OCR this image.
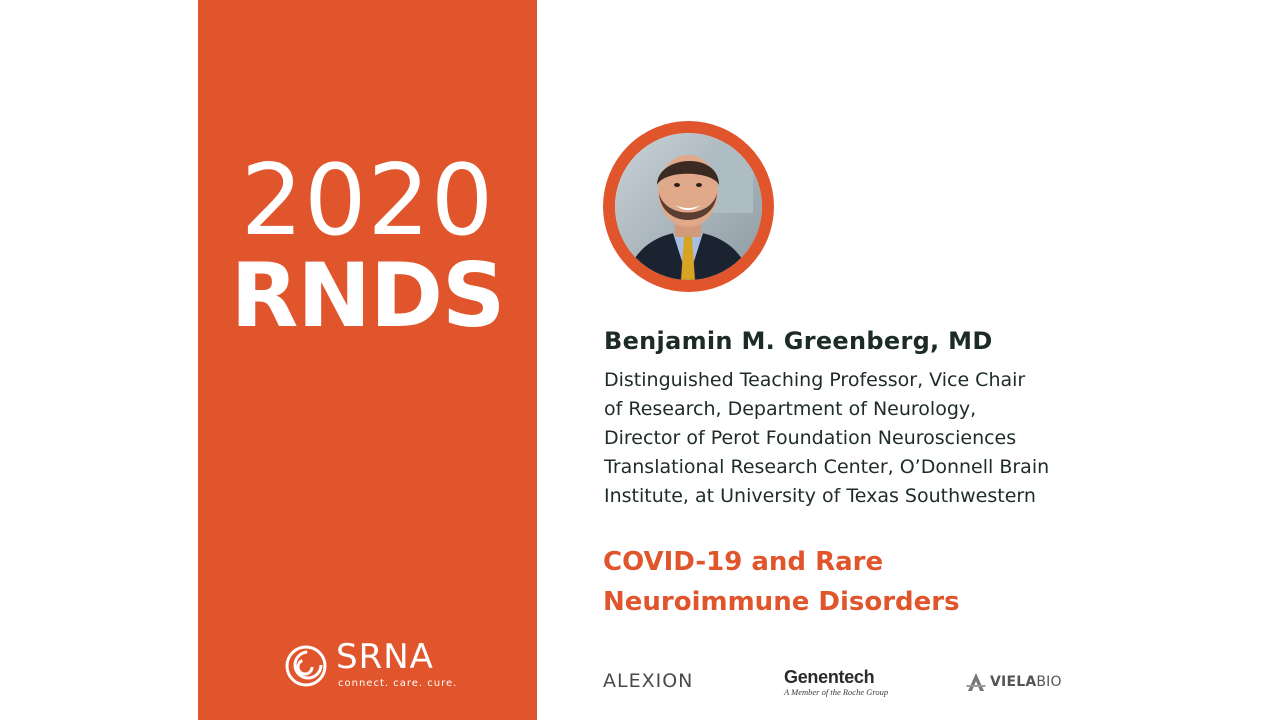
2020
RNDS
SRNA
connect. care. cure.
Benjamin M. Greenberg, MD
Distinguished Teaching Professor, Vice Chair
of Research, Department of Neurology,
Director of Perot Foundation Neurosciences
Translational Research Center, O’Donnell Brain
Institute, at University of Texas Southwestern
COVID-19 and Rare
Neuroimmune Disorders
ALEXION	Genentech
A Member of the Roche Group
VIELABIO
